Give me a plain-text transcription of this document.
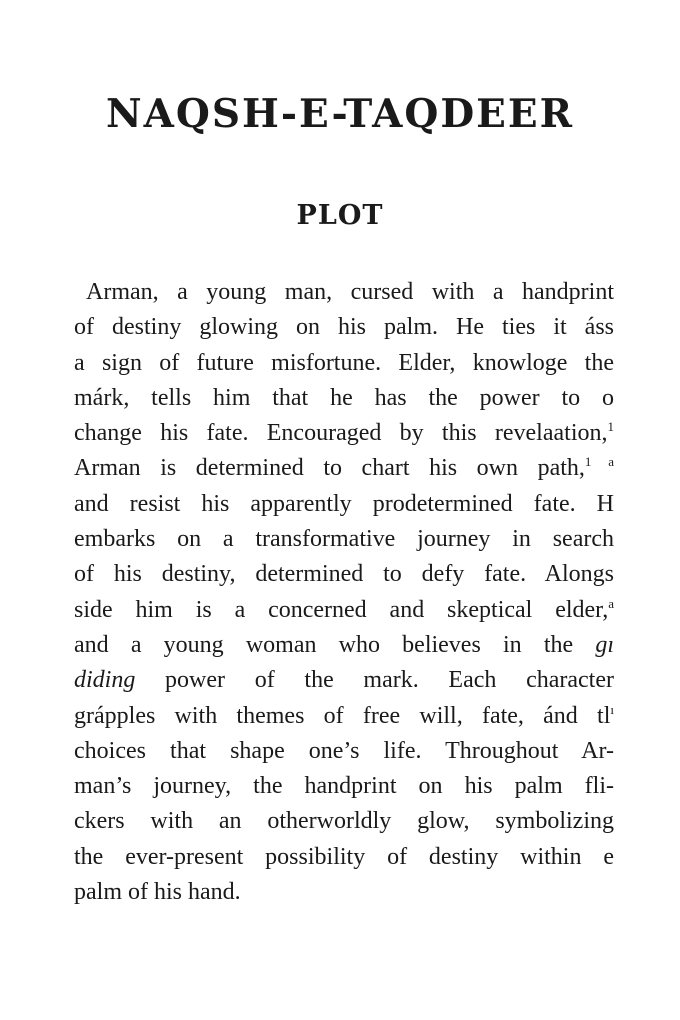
NAQSH-E-TAQDEER
PLOT
Arman, a young man, cursed with a handprint
of destiny glowing on his palm. He ties it áss
a sign of future misfortune. Elder, knowloge the
márk, tells him that he has the power to o
change his fate. Encouraged by this revelaation,$^1$
Arman is determined to chart his own path,$^{1 a}$
and resist his apparently prodetermined fate. H
embarks on a transformative journey in search
of his destiny, determined to defy fate. Alongs
side him is a concerned and skeptical elder,$^a$
and a young woman who believes in the gı
diding power of the mark. Each character
grápples with themes of free will, fate, ánd $tl^ı$
choices that shape one’s life. Throughout Ar-
man’s journey, the handprint on his palm fli-
ckers with an otherworldly glow, symbolizing
the ever-present possibility of destiny within e
palm of his hand.
